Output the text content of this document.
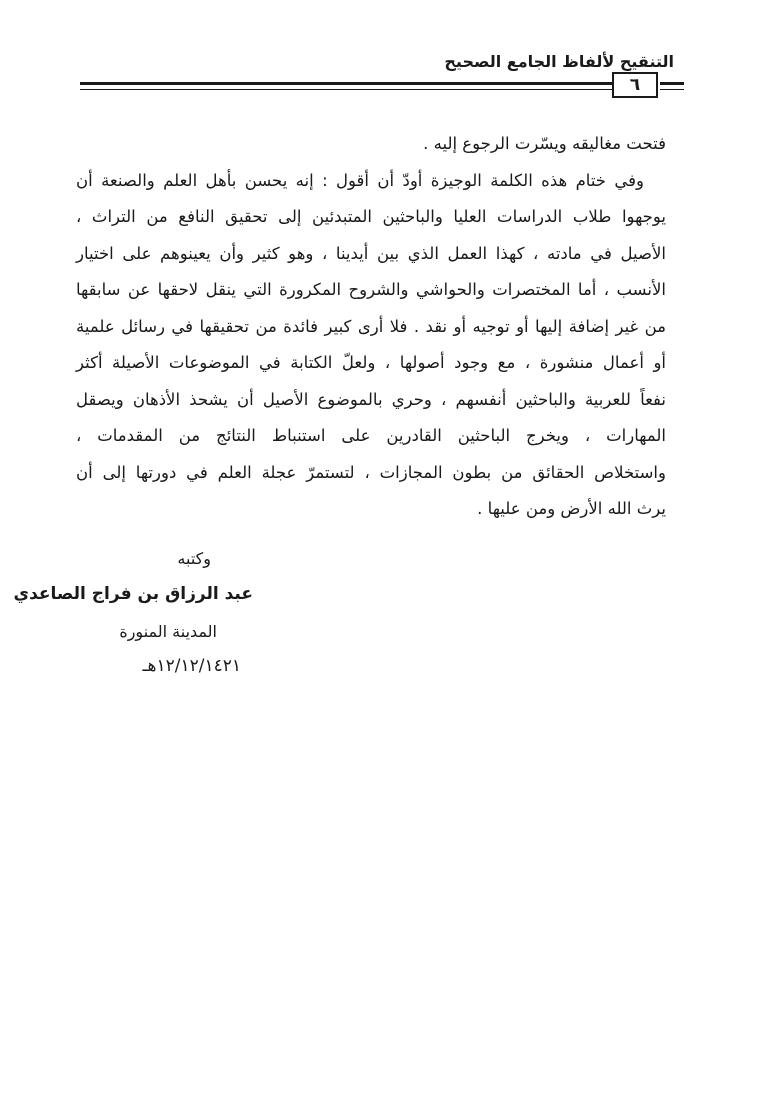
التنقيح لألفاظ الجامع الصحيح
٦
فتحت مغاليقه ويسّرت الرجوع إليه .
وفي ختام هذه الكلمة الوجيزة أودّ أن أقول : إنه يحسن بأهل العلم والصنعة أن
يوجهوا طلاب الدراسات العليا والباحثين المتبدئين إلى تحقيق النافع من التراث ،
الأصيل في مادته ، كهذا العمل الذي بين أيدينا ، وهو كثير وأن يعينوهم على اختيار
الأنسب ، أما المختصرات والحواشي والشروح المكرورة التي ينقل لاحقها عن سابقها
من غير إضافة إليها أو توجيه أو نقد . فلا أرى كبير فائدة من تحقيقها في رسائل علمية
أو أعمال منشورة ، مع وجود أصولها ، ولعلّ الكتابة في الموضوعات الأصيلة أكثر
نفعاً للعربية والباحثين أنفسهم ، وحري بالموضوع الأصيل أن يشحذ الأذهان ويصقل
المهارات ، ويخرج الباحثين القادرين على استنباط النتائج من المقدمات ،
واستخلاص الحقائق من بطون المجازات ، لتستمرّ عجلة العلم في دورتها إلى أن
يرث الله الأرض ومن عليها .
وكتبه
عبد الرزاق بن فراج الصاعدي
المدينة المنورة
١٢/١٢/١٤٢١هـ
